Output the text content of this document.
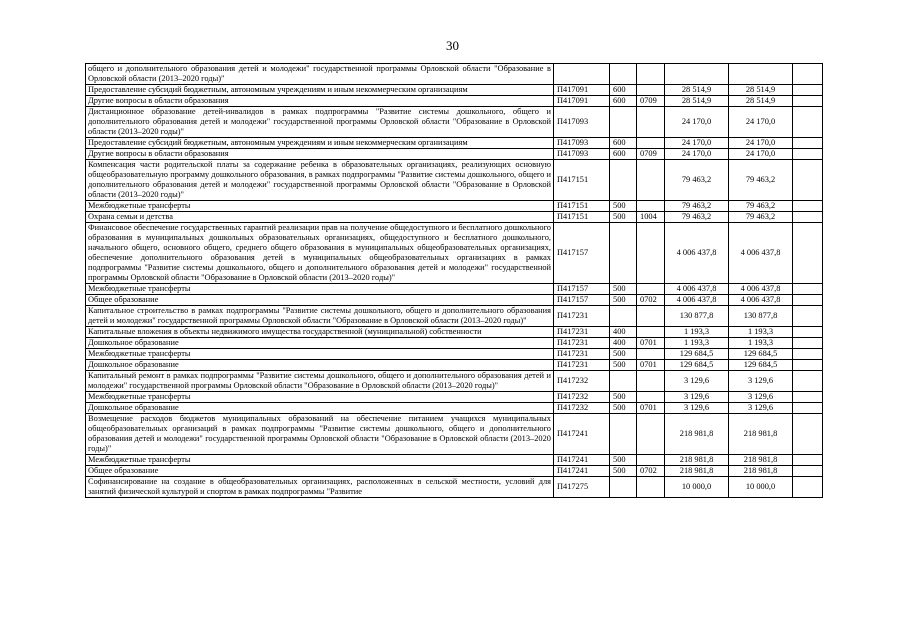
30
общего и дополнительного образования детей и молодежи" государственной программы Орловской области "Образование в Орловской области (2013–2020 годы)"						
Предоставление субсидий бюджетным, автономным учреждениям и иным некоммерческим организациям	П417091	600		28 514,9	28 514,9	
Другие вопросы в области образования	П417091	600	0709	28 514,9	28 514,9	
Дистанционное образование детей-инвалидов в рамках подпрограммы "Развитие системы дошкольного, общего и дополнительного образования детей и молодежи" государственной программы Орловской области "Образование в Орловской области (2013–2020 годы)"	П417093			24 170,0	24 170,0	
Предоставление субсидий бюджетным, автономным учреждениям и иным некоммерческим организациям	П417093	600		24 170,0	24 170,0	
Другие вопросы в области образования	П417093	600	0709	24 170,0	24 170,0	
Компенсация части родительской платы за содержание ребенка в образовательных организациях, реализующих основную общеобразовательную программу дошкольного образования, в рамках подпрограммы "Развитие системы дошкольного, общего и дополнительного образования детей и молодежи" государственной программы Орловской области "Образование в Орловской области (2013–2020 годы)"	П417151			79 463,2	79 463,2	
Межбюджетные трансферты	П417151	500		79 463,2	79 463,2	
Охрана семьи и детства	П417151	500	1004	79 463,2	79 463,2	
Финансовое обеспечение государственных гарантий реализации прав на получение общедоступного и бесплатного дошкольного образования в муниципальных дошкольных образовательных организациях, общедоступного и бесплатного дошкольного, начального общего, основного общего, среднего общего образования в муниципальных общеобразовательных организациях, обеспечение дополнительного образования детей в муниципальных общеобразовательных организациях в рамках подпрограммы "Развитие системы дошкольного, общего и дополнительного образования детей и молодежи" государственной программы Орловской области "Образование в Орловской области (2013–2020 годы)"	П417157			4 006 437,8	4 006 437,8	
Межбюджетные трансферты	П417157	500		4 006 437,8	4 006 437,8	
Общее образование	П417157	500	0702	4 006 437,8	4 006 437,8	
Капитальное строительство в рамках подпрограммы "Развитие системы дошкольного, общего и дополнительного образования детей и молодежи" государственной программы Орловской области "Образование в Орловской области (2013–2020 годы)"	П417231			130 877,8	130 877,8	
Капитальные вложения в объекты недвижимого имущества государственной (муниципальной) собственности	П417231	400		1 193,3	1 193,3	
Дошкольное образование	П417231	400	0701	1 193,3	1 193,3	
Межбюджетные трансферты	П417231	500		129 684,5	129 684,5	
Дошкольное образование	П417231	500	0701	129 684,5	129 684,5	
Капитальный ремонт в рамках подпрограммы "Развитие системы дошкольного, общего и дополнительного образования детей и молодежи" государственной программы Орловской области "Образование в Орловской области (2013–2020 годы)"	П417232			3 129,6	3 129,6	
Межбюджетные трансферты	П417232	500		3 129,6	3 129,6	
Дошкольное образование	П417232	500	0701	3 129,6	3 129,6	
Возмещение расходов бюджетов муниципальных образований на обеспечение питанием учащихся муниципальных общеобразовательных организаций в рамках подпрограммы "Развитие системы дошкольного, общего и дополнительного образования детей и молодежи" государственной программы Орловской области "Образование в Орловской области (2013–2020 годы)"	П417241			218 981,8	218 981,8	
Межбюджетные трансферты	П417241	500		218 981,8	218 981,8	
Общее образование	П417241	500	0702	218 981,8	218 981,8	
Софинансирование на создание в общеобразовательных организациях, расположенных в сельской местности, условий для занятий физической культурой и спортом в рамках подпрограммы "Развитие	П417275			10 000,0	10 000,0	
